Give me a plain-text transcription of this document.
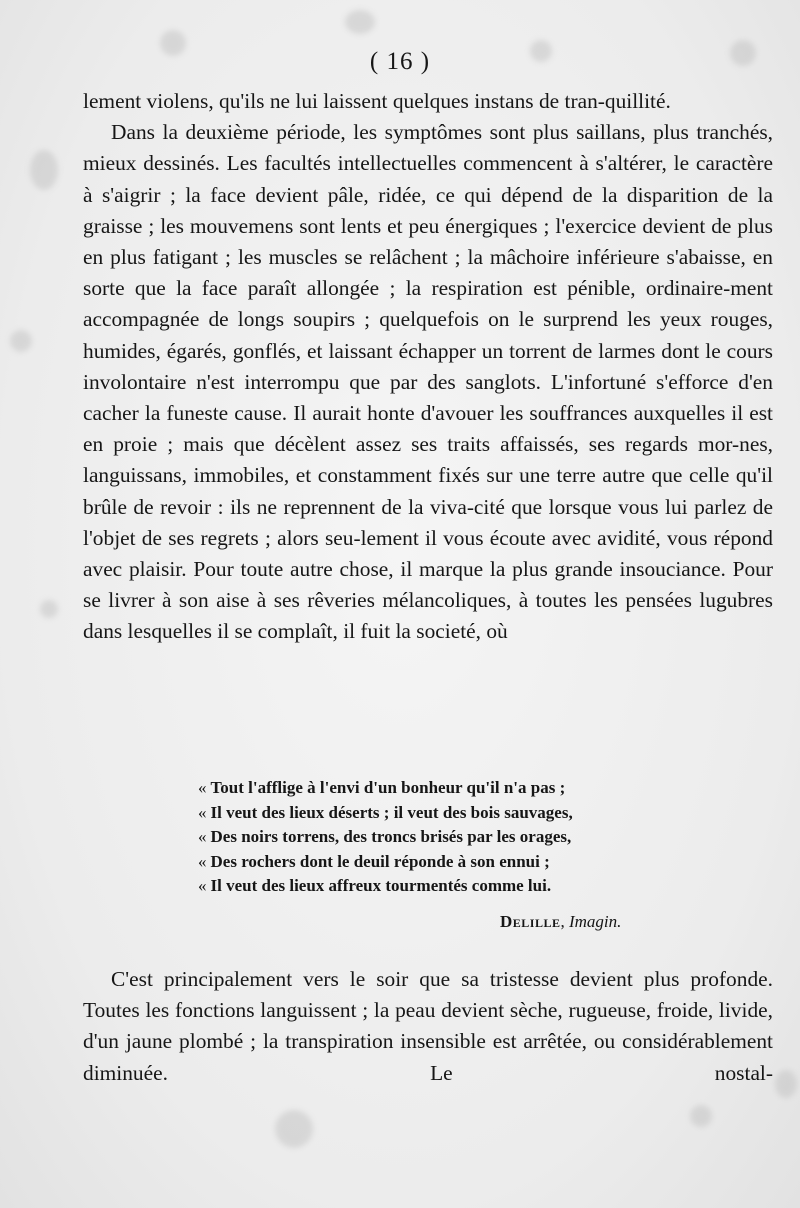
( 16 )

lement violens, qu'ils ne lui laissent quelques instans de tran-quillité.

Dans la deuxième période, les symptômes sont plus saillans, plus tranchés, mieux dessinés. Les facultés intellectuelles commencent à s'altérer, le caractère à s'aigrir ; la face devient pâle, ridée, ce qui dépend de la disparition de la graisse ; les mouvemens sont lents et peu énergiques ; l'exercice devient de plus en plus fatigant ; les muscles se relâchent ; la mâchoire inférieure s'abaisse, en sorte que la face paraît allongée ; la respiration est pénible, ordinaire-ment accompagnée de longs soupirs ; quelquefois on le surprend les yeux rouges, humides, égarés, gonflés, et laissant échapper un torrent de larmes dont le cours involontaire n'est interrompu que par des sanglots. L'infortuné s'efforce d'en cacher la funeste cause. Il aurait honte d'avouer les souffrances auxquelles il est en proie ; mais que décèlent assez ses traits affaissés, ses regards mor-nes, languissans, immobiles, et constamment fixés sur une terre autre que celle qu'il brûle de revoir : ils ne reprennent de la viva-cité que lorsque vous lui parlez de l'objet de ses regrets ; alors seu-lement il vous écoute avec avidité, vous répond avec plaisir. Pour toute autre chose, il marque la plus grande insouciance. Pour se livrer à son aise à ses rêveries mélancoliques, à toutes les pensées lugubres dans lesquelles il se complaît, il fuit la societé, où

« Tout l'afflige à l'envi d'un bonheur qu'il n'a pas ;
« Il veut des lieux déserts ; il veut des bois sauvages,
« Des noirs torrens, des troncs brisés par les orages,
« Des rochers dont le deuil réponde à son ennui ;
« Il veut des lieux affreux tourmentés comme lui.
Delille, Imagin.

C'est principalement vers le soir que sa tristesse devient plus profonde. Toutes les fonctions languissent ; la peau devient sèche, rugueuse, froide, livide, d'un jaune plombé ; la transpiration insensible est arrêtée, ou considérablement diminuée. Le nostal-
